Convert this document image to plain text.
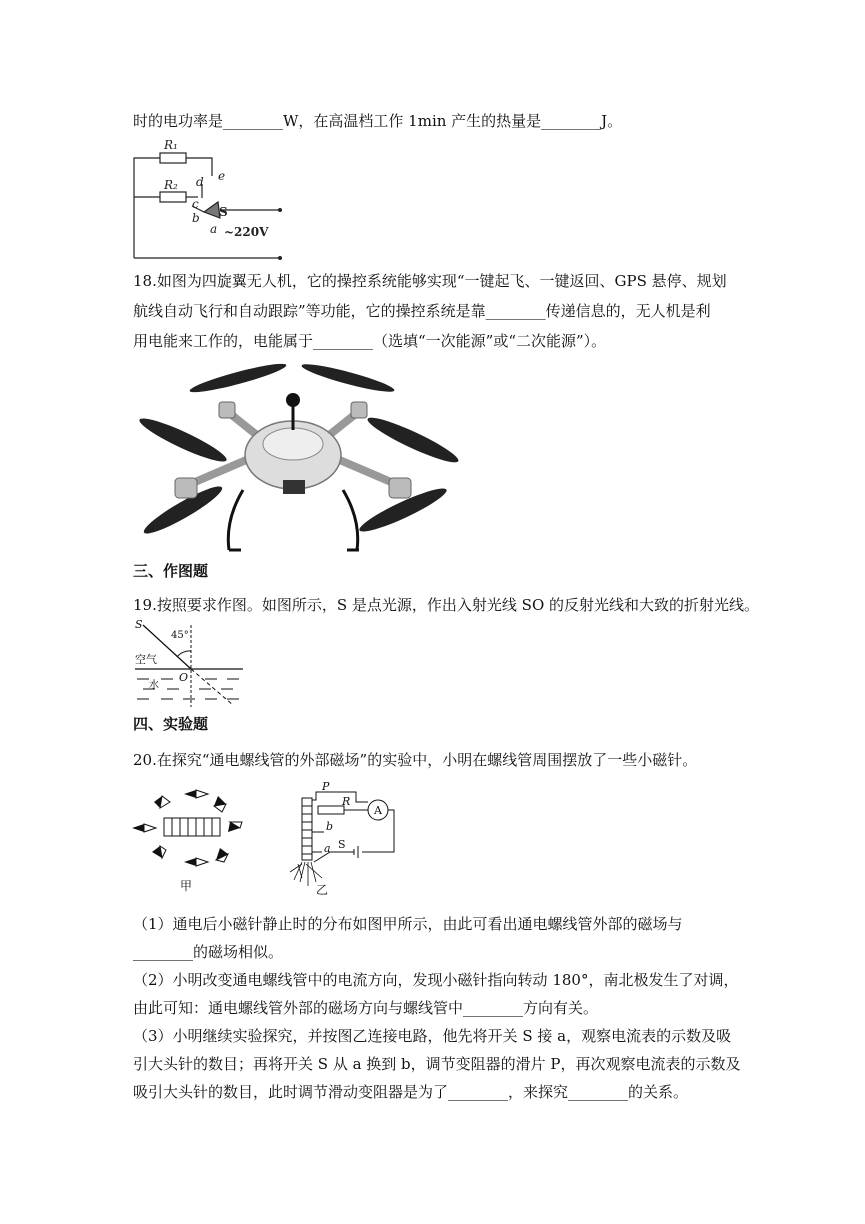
时的电功率是________W，在高温档工作 1min 产生的热量是________J。
R₁
R₂ d e
c
b S
a ~220V
18.如图为四旋翼无人机，它的操控系统能够实现“一键起飞、一键返回、GPS 悬停、规划
航线自动飞行和自动跟踪”等功能，它的操控系统是靠________传递信息的，无人机是利
用电能来工作的，电能属于________（选填“一次能源”或“二次能源”）。
三、作图题
19.按照要求作图。如图所示，S 是点光源，作出入射光线 SO 的反射光线和大致的折射光线。
S
45°
空气
O
水
四、实验题
20.在探究“通电螺线管的外部磁场”的实验中，小明在螺线管周围摆放了一些小磁针。
甲
P
R
A
b
a S
乙
（1）通电后小磁针静止时的分布如图甲所示，由此可看出通电螺线管外部的磁场与
________的磁场相似。
（2）小明改变通电螺线管中的电流方向，发现小磁针指向转动 180°，南北极发生了对调，
由此可知：通电螺线管外部的磁场方向与螺线管中________方向有关。
（3）小明继续实验探究，并按图乙连接电路，他先将开关 S 接 a，观察电流表的示数及吸
引大头针的数目；再将开关 S 从 a 换到 b，调节变阻器的滑片 P，再次观察电流表的示数及
吸引大头针的数目，此时调节滑动变阻器是为了________，来探究________的关系。
